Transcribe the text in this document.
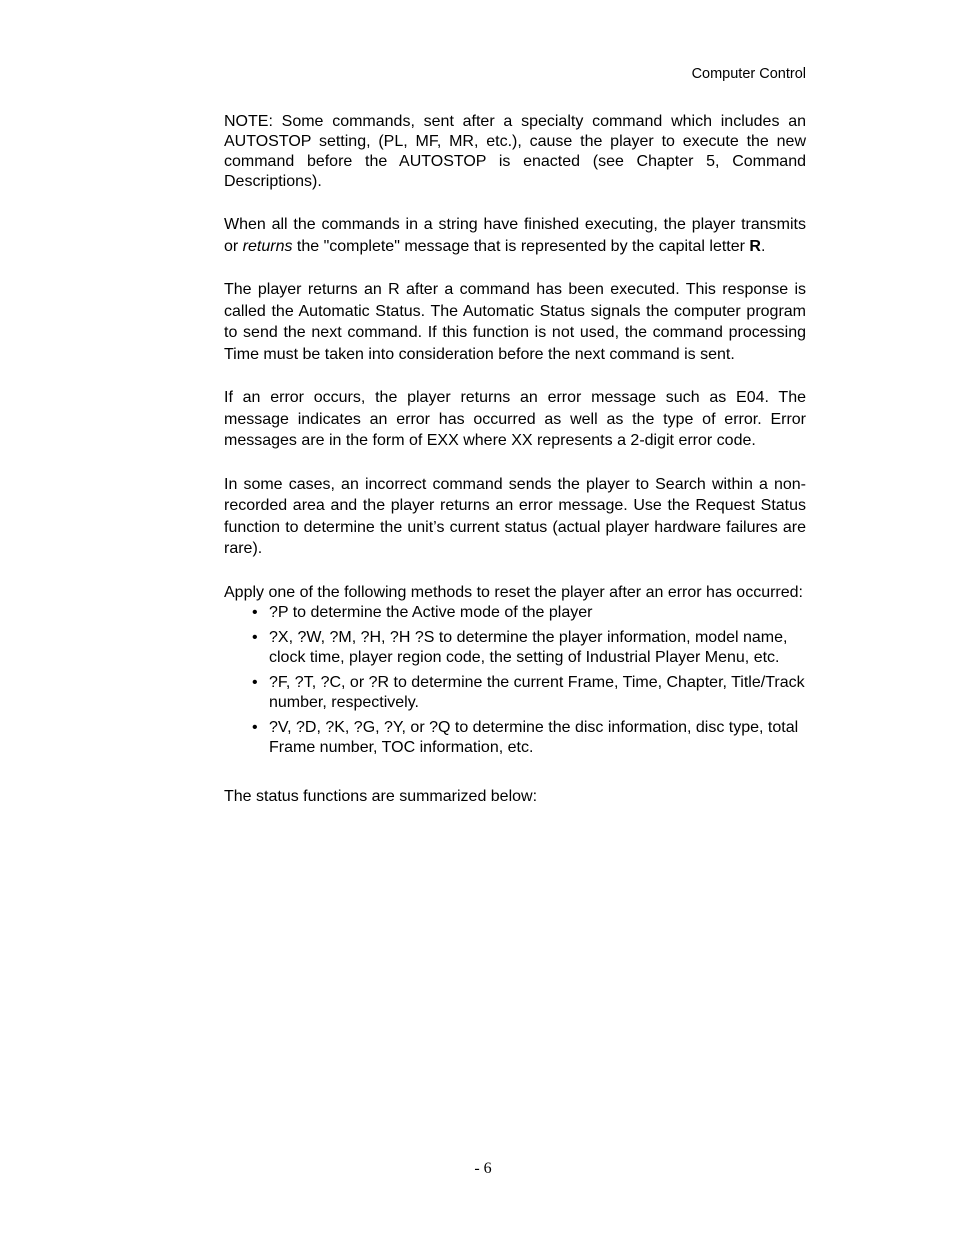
Computer Control

NOTE: Some commands, sent after a specialty command which includes an AUTOSTOP setting, (PL, MF, MR, etc.), cause the player to execute the new command before the AUTOSTOP is enacted (see Chapter 5, Command Descriptions).

When all the commands in a string have finished executing, the player transmits or returns the "complete" message that is represented by the capital letter R.

The player returns an R after a command has been executed. This response is called the Automatic Status. The Automatic Status signals the computer program to send the next command. If this function is not used, the command processing Time must be taken into consideration before the next command is sent.

If an error occurs, the player returns an error message such as E04. The message indicates an error has occurred as well as the type of error. Error messages are in the form of EXX where XX represents a 2-digit error code.

In some cases, an incorrect command sends the player to Search within a non-recorded area and the player returns an error message. Use the Request Status function to determine the unit’s current status (actual player hardware failures are rare).

Apply one of the following methods to reset the player after an error has occurred:

• ?P to determine the Active mode of the player
• ?X, ?W, ?M, ?H, ?H ?S to determine the player information, model name, clock time, player region code, the setting of Industrial Player Menu, etc.
• ?F, ?T, ?C, or ?R to determine the current Frame, Time, Chapter, Title/Track number, respectively.
• ?V, ?D, ?K, ?G, ?Y, or ?Q to determine the disc information, disc type, total Frame number, TOC information, etc.

The status functions are summarized below:

- 6
